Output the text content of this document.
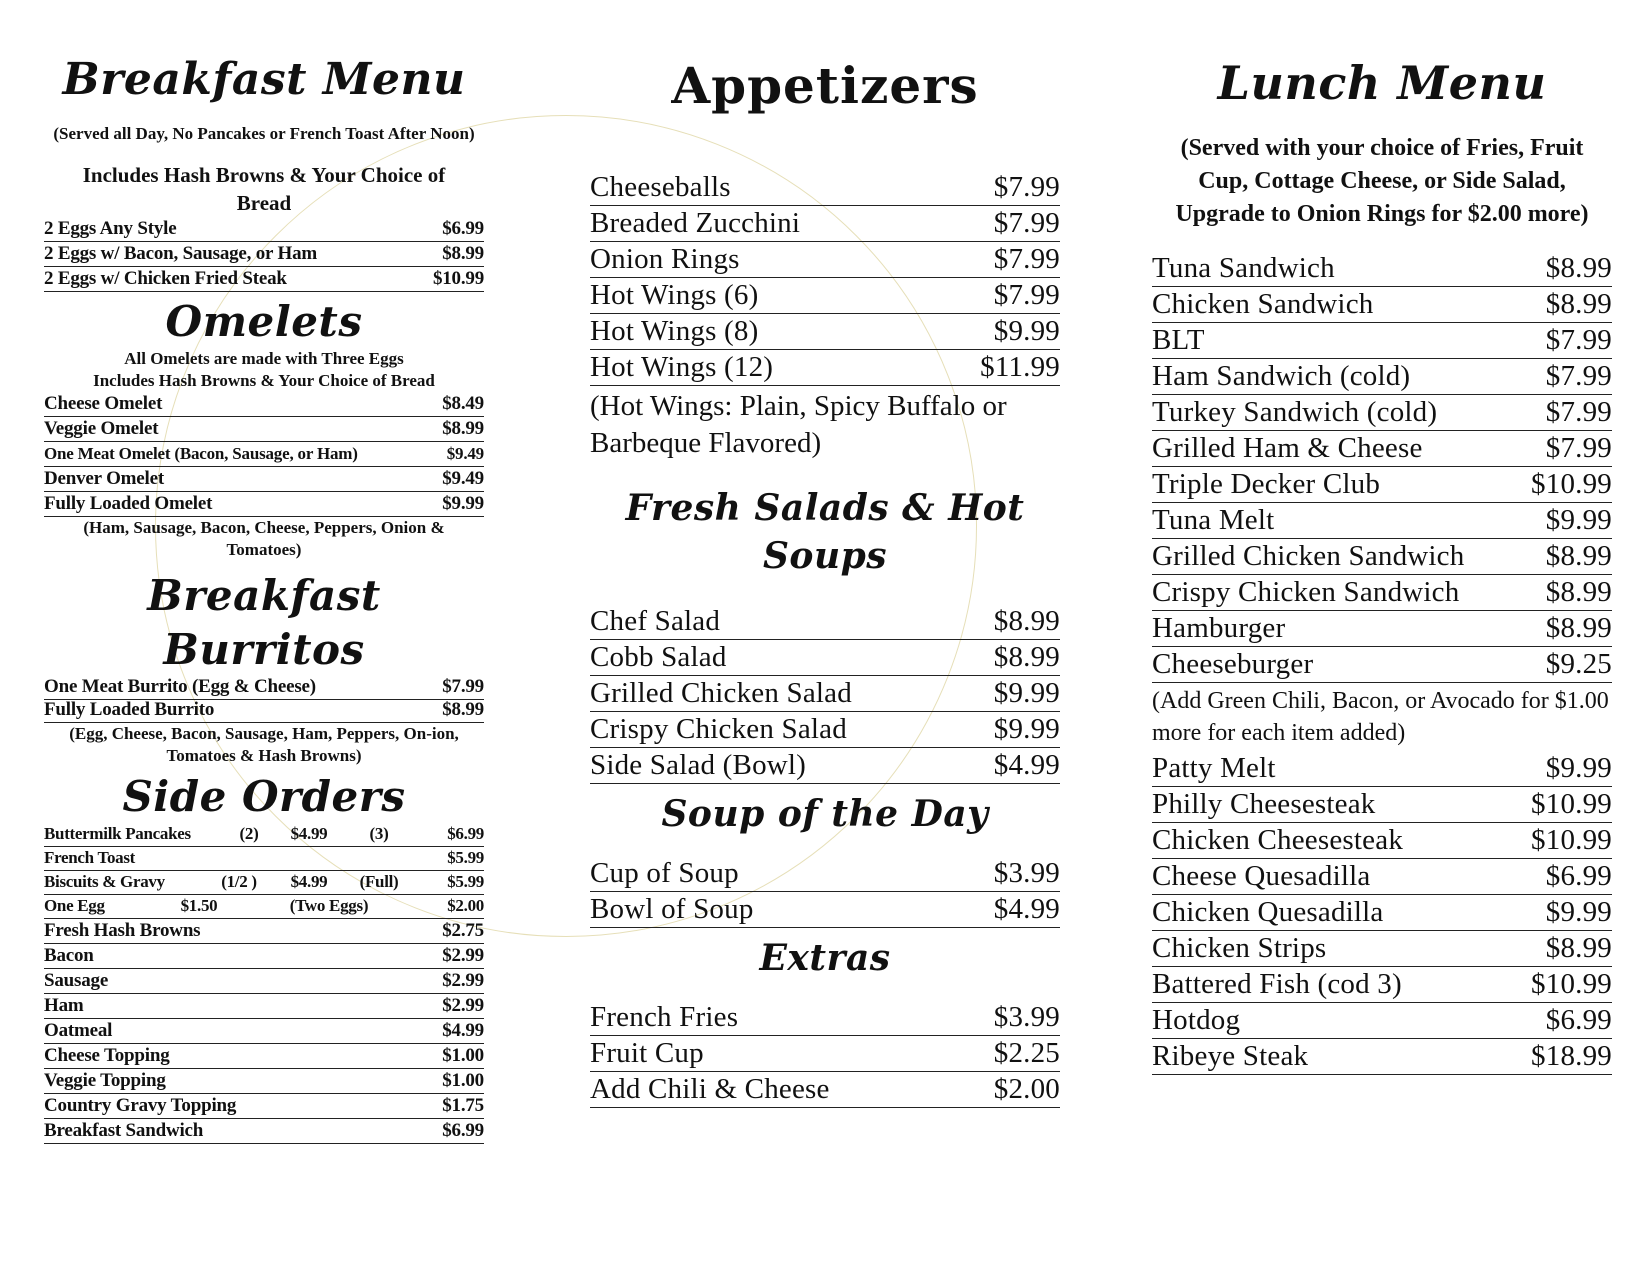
Breakfast Menu

(Served all Day, No Pancakes or French Toast After Noon)

Includes Hash Browns & Your Choice of Bread

2 Eggs Any Style	$6.99
2 Eggs w/ Bacon, Sausage, or Ham	$8.99
2 Eggs w/ Chicken Fried Steak	$10.99
Omelets

All Omelets are made with Three Eggs

Includes Hash Browns & Your Choice of Bread

Cheese Omelet	$8.49
Veggie Omelet	$8.99
One Meat Omelet (Bacon, Sausage, or Ham)	$9.49
Denver Omelet	$9.49
Fully Loaded Omelet	$9.99

(Ham, Sausage, Bacon, Cheese, Peppers, Onion & Tomatoes)

Breakfast Burritos
One Meat Burrito (Egg & Cheese)	$7.99
Fully Loaded Burrito	$8.99

(Egg, Cheese, Bacon, Sausage, Ham, Peppers, On-ion, Tomatoes & Hash Browns)

Side Orders
Buttermilk Pancakes	(2)	$4.99	(3)	$6.99
French Toast	$5.99
Biscuits & Gravy	(1/2 )	$4.99	(Full)	$5.99
One Egg	$1.50	(Two Eggs)	$2.00
Fresh Hash Browns	$2.75
Bacon	$2.99
Sausage	$2.99
Ham	$2.99
Oatmeal	$4.99
Cheese Topping	$1.00
Veggie Topping	$1.00
Country Gravy Topping	$1.75
Breakfast Sandwich	$6.99
Appetizers
Cheeseballs	$7.99
Breaded Zucchini	$7.99
Onion Rings	$7.99
Hot Wings (6)	$7.99
Hot Wings (8)	$9.99
Hot Wings (12)	$11.99

(Hot Wings: Plain, Spicy Buffalo or Barbeque Flavored)

Fresh Salads & Hot Soups
Chef Salad	$8.99
Cobb Salad	$8.99
Grilled Chicken Salad	$9.99
Crispy Chicken Salad	$9.99
Side Salad (Bowl)	$4.99
Soup of the Day
Cup of Soup	$3.99
Bowl of Soup	$4.99
Extras
French Fries	$3.99
Fruit Cup	$2.25
Add Chili & Cheese	$2.00
Lunch Menu

(Served with your choice of Fries, Fruit Cup, Cottage Cheese, or Side Salad, Upgrade to Onion Rings for $2.00 more)

Tuna Sandwich	$8.99
Chicken Sandwich	$8.99
BLT	$7.99
Ham Sandwich (cold)	$7.99
Turkey Sandwich (cold)	$7.99
Grilled Ham & Cheese	$7.99
Triple Decker Club	$10.99
Tuna Melt	$9.99
Grilled Chicken Sandwich	$8.99
Crispy Chicken Sandwich	$8.99
Hamburger	$8.99
Cheeseburger	$9.25

(Add Green Chili, Bacon, or Avocado for $1.00 more for each item added)

Patty Melt	$9.99
Philly Cheesesteak	$10.99
Chicken Cheesesteak	$10.99
Cheese Quesadilla	$6.99
Chicken Quesadilla	$9.99
Chicken Strips	$8.99
Battered Fish (cod 3)	$10.99
Hotdog	$6.99
Ribeye Steak	$18.99
